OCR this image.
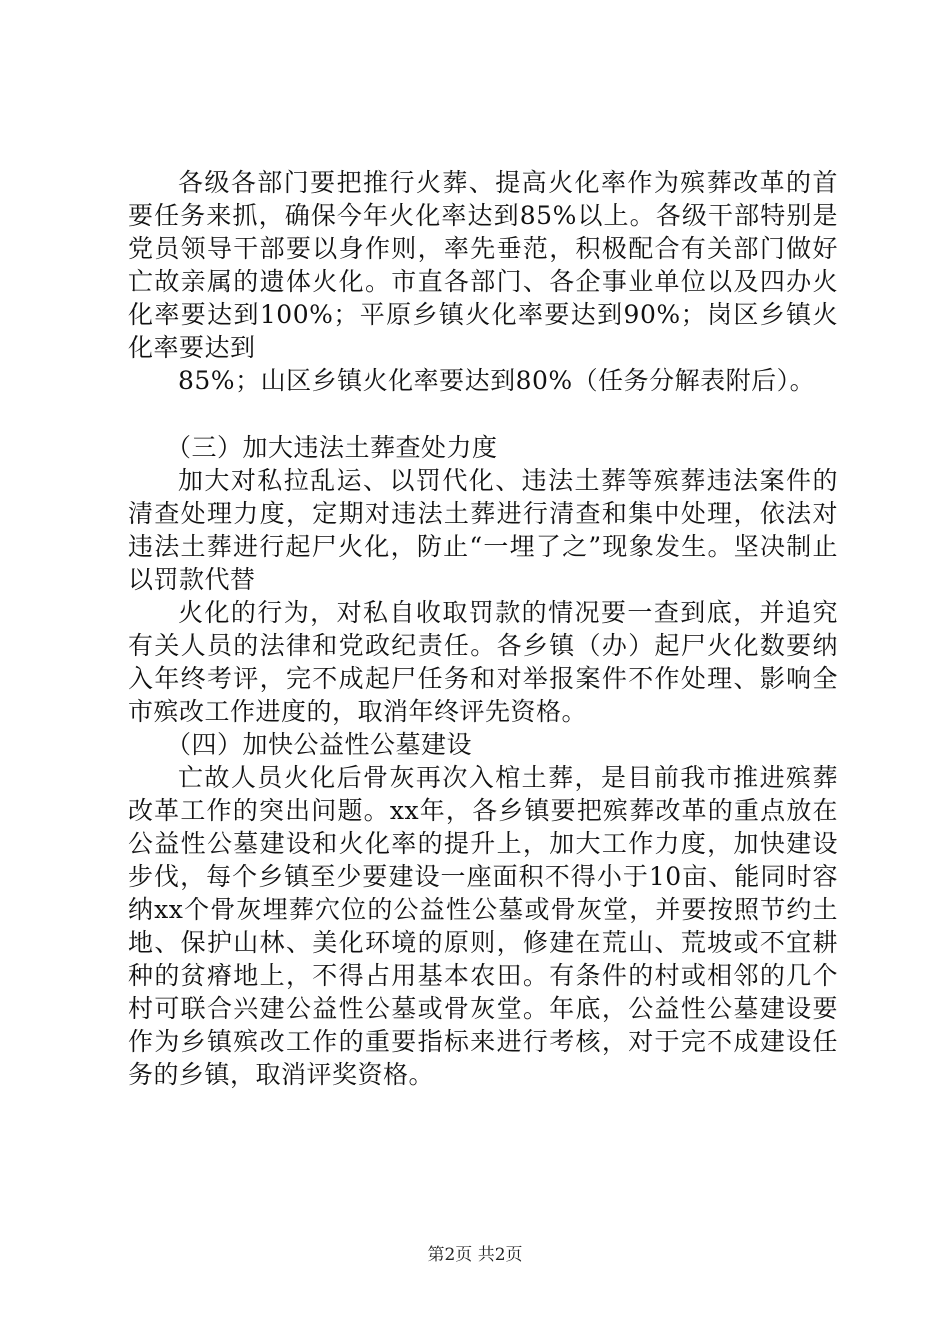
各级各部门要把推行火葬、提高火化率作为殡葬改革的首要任务来抓，确保今年火化率达到85%以上。各级干部特别是党员领导干部要以身作则，率先垂范，积极配合有关部门做好亡故亲属的遗体火化。市直各部门、各企事业单位以及四办火化率要达到100%；平原乡镇火化率要达到90%；岗区乡镇火化率要达到

85%；山区乡镇火化率要达到80%（任务分解表附后）。

（三）加大违法土葬查处力度

加大对私拉乱运、以罚代化、违法土葬等殡葬违法案件的清查处理力度，定期对违法土葬进行清查和集中处理，依法对违法土葬进行起尸火化，防止“一埋了之”现象发生。坚决制止以罚款代替

火化的行为，对私自收取罚款的情况要一查到底，并追究有关人员的法律和党政纪责任。各乡镇（办）起尸火化数要纳入年终考评，完不成起尸任务和对举报案件不作处理、影响全市殡改工作进度的，取消年终评先资格。

（四）加快公益性公墓建设

亡故人员火化后骨灰再次入棺土葬，是目前我市推进殡葬改革工作的突出问题。xx年，各乡镇要把殡葬改革的重点放在公益性公墓建设和火化率的提升上，加大工作力度，加快建设步伐，每个乡镇至少要建设一座面积不得小于10亩、能同时容纳xx个骨灰埋葬穴位的公益性公墓或骨灰堂，并要按照节约土地、保护山林、美化环境的原则，修建在荒山、荒坡或不宜耕种的贫瘠地上，不得占用基本农田。有条件的村或相邻的几个村可联合兴建公益性公墓或骨灰堂。年底，公益性公墓建设要作为乡镇殡改工作的重要指标来进行考核，对于完不成建设任务的乡镇，取消评奖资格。

第2页 共2页
